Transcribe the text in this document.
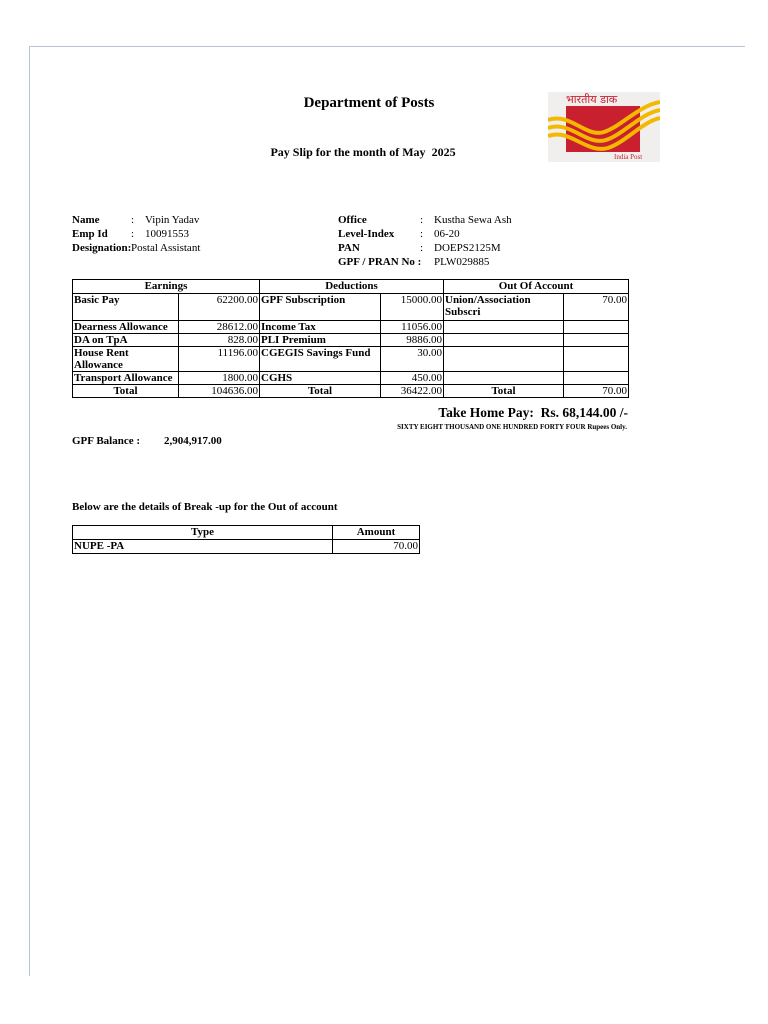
Department of Posts
Pay Slip for the month of May 2025
भारतीय डाक
India Post
Name	: Vipin Yadav
Emp Id : 10091553
Designation:Postal Assistant
Office	: Kustha Sewa Ash
Level-Index : 06-20
PAN	: DOEPS2125M
GPF / PRAN No : PLW029885
Earnings		Deductions		Out Of Account	
Basic Pay	62200.00	GPF Subscription	15000.00	Union/Association Subscri	70.00
Dearness Allowance	28612.00	Income Tax	11056.00		
DA on TpA	828.00	PLI Premium	9886.00		
House Rent Allowance	11196.00	CGEGIS Savings Fund	30.00		
Transport Allowance	1800.00	CGHS	450.00		
Total	104636.00	Total	36422.00	Total	70.00
Take Home Pay: Rs. 68,144.00 /-
SIXTY EIGHT THOUSAND ONE HUNDRED FORTY FOUR Rupees Only.
GPF Balance : 2,904,917.00
Below are the details of Break -up for the Out of account
Type	Amount
NUPE -PA	70.00
